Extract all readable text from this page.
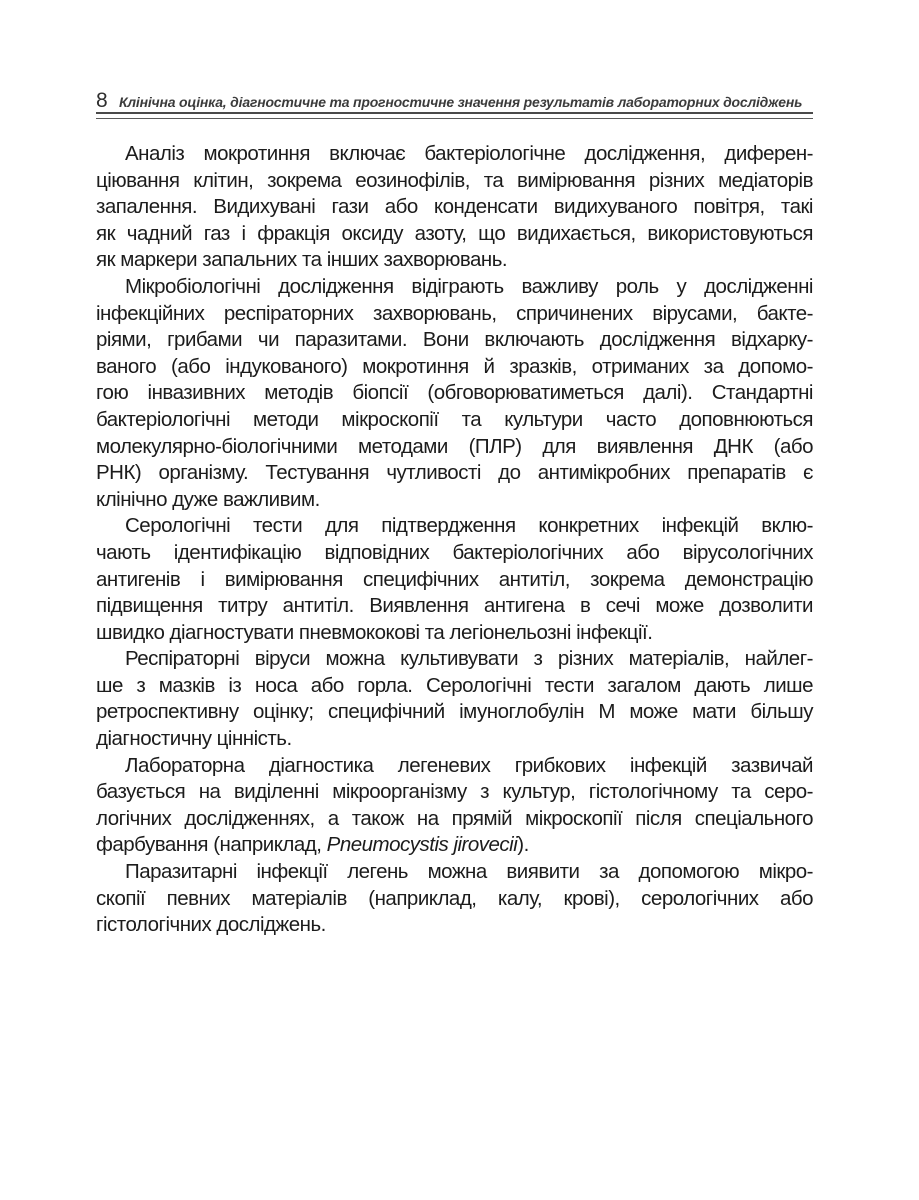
8 Клінічна оцінка, діагностичне та прогностичне значення результатів лабораторних досліджень
Аналіз мокротиння включає бактеріологічне дослідження, диферен-
ціювання клітин, зокрема еозинофілів, та вимірювання різних медіаторів
запалення. Видихувані гази або конденсати видихуваного повітря, такі
як чадний газ і фракція оксиду азоту, що видихається, використовуються
як маркери запальних та інших захворювань.
Мікробіологічні дослідження відіграють важливу роль у дослідженні
інфекційних респіраторних захворювань, спричинених вірусами, бакте-
ріями, грибами чи паразитами. Вони включають дослідження відхарку-
ваного (або індукованого) мокротиння й зразків, отриманих за допомо-
гою інвазивних методів біопсії (обговорюватиметься далі). Стандартні
бактеріологічні методи мікроскопії та культури часто доповнюються
молекулярно-біологічними методами (ПЛР) для виявлення ДНК (або
РНК) організму. Тестування чутливості до антимікробних препаратів є
клінічно дуже важливим.
Серологічні тести для підтвердження конкретних інфекцій вклю-
чають ідентифікацію відповідних бактеріологічних або вірусологічних
антигенів і вимірювання специфічних антитіл, зокрема демонстрацію
підвищення титру антитіл. Виявлення антигена в сечі може дозволити
швидко діагностувати пневмококові та легіонельозні інфекції.
Респіраторні віруси можна культивувати з різних матеріалів, найлег-
ше з мазків із носа або горла. Серологічні тести загалом дають лише
ретроспективну оцінку; специфічний імуноглобулін М може мати більшу
діагностичну цінність.
Лабораторна діагностика легеневих грибкових інфекцій зазвичай
базується на виділенні мікроорганізму з культур, гістологічному та серо-
логічних дослідженнях, а також на прямій мікроскопії після спеціального
фарбування (наприклад, Pneumocystis jirovecii).
Паразитарні інфекції легень можна виявити за допомогою мікро-
скопії певних матеріалів (наприклад, калу, крові), серологічних або
гістологічних досліджень.
